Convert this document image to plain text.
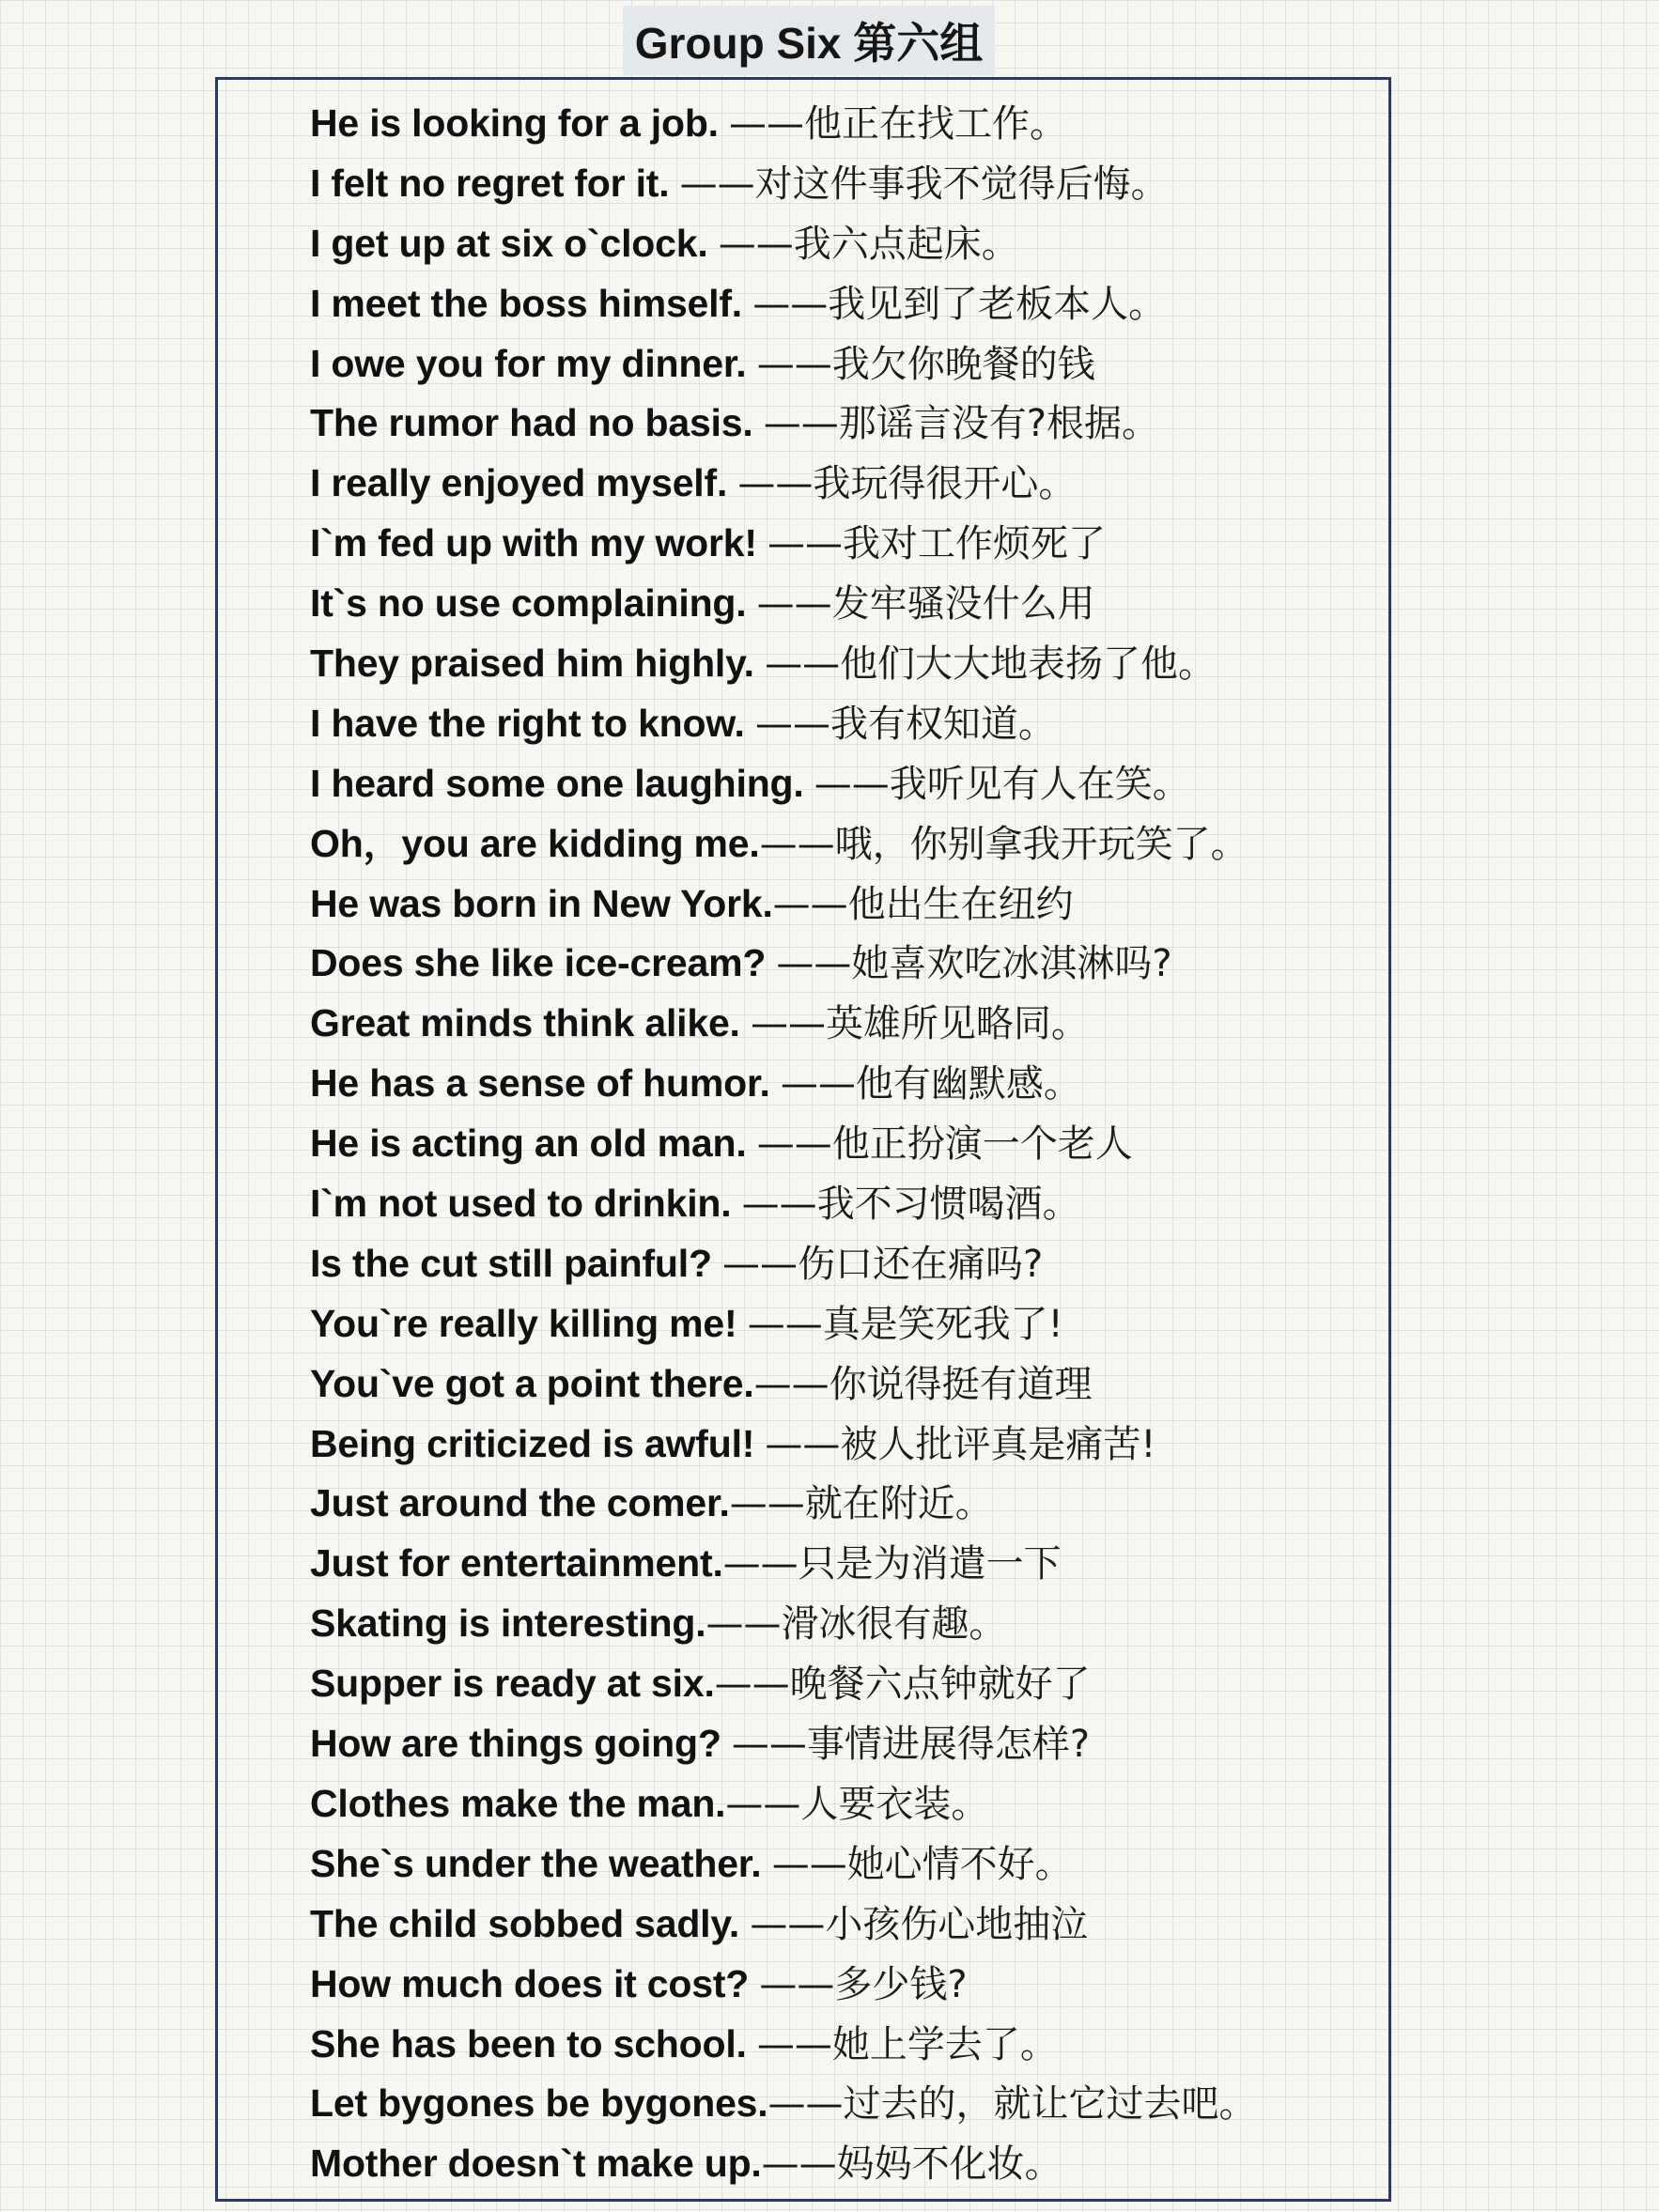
Group Six 第六组
He is looking for a job. ——他正在找工作。
I felt no regret for it. ——对这件事我不觉得后悔。
I get up at six o`clock. ——我六点起床。
I meet the boss himself. ——我见到了老板本人。
I owe you for my dinner. ——我欠你晚餐的钱
The rumor had no basis. ——那谣言没有?根据。
I really enjoyed myself. ——我玩得很开心。
I`m fed up with my work! ——我对工作烦死了
It`s no use complaining. ——发牢骚没什么用
They praised him highly. ——他们大大地表扬了他。
I have the right to know. ——我有权知道。
I heard some one laughing. ——我听见有人在笑。
Oh，you are kidding me.——哦，你别拿我开玩笑了。
He was born in New York.——他出生在纽约
Does she like ice-cream? ——她喜欢吃冰淇淋吗?
Great minds think alike. ——英雄所见略同。
He has a sense of humor. ——他有幽默感。
He is acting an old man. ——他正扮演一个老人
I`m not used to drinkin. ——我不习惯喝酒。
Is the cut still painful? ——伤口还在痛吗?
You`re really killing me! ——真是笑死我了!
You`ve got a point there.——你说得挺有道理
Being criticized is awful! ——被人批评真是痛苦!
Just around the comer.——就在附近。
Just for entertainment.——只是为消遣一下
Skating is interesting.——滑冰很有趣。
Supper is ready at six.——晚餐六点钟就好了
How are things going? ——事情进展得怎样?
Clothes make the man.——人要衣装。
She`s under the weather. ——她心情不好。
The child sobbed sadly. ——小孩伤心地抽泣
How much does it cost? ——多少钱?
She has been to school. ——她上学去了。
Let bygones be bygones.——过去的，就让它过去吧。
Mother doesn`t make up.——妈妈不化妆。
